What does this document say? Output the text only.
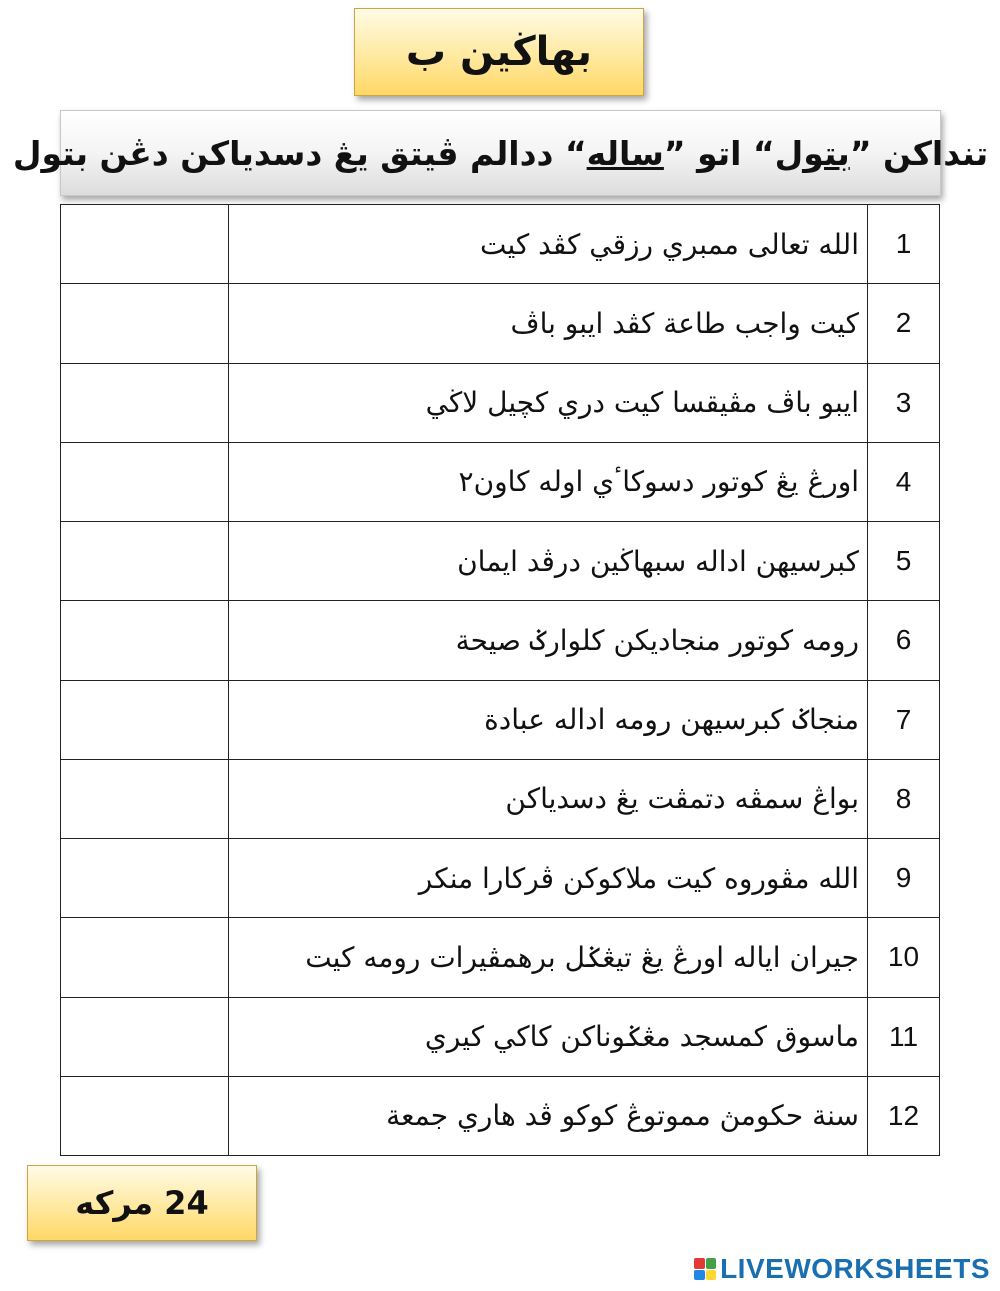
بهاڬين ب
تنداكن ”
بتول
“ اتو ”
ساله
“ ددالم ڤيتق يڠ دسدياكن دڠن بتول
	الله تعالى ممبري رزقي كڤد كيت	1
	كيت واجب طاعة كڤد ايبو باڤ	2
	ايبو باڤ مڤيقسا كيت دري كچيل لاڬي	3
	اورڠ يڠ كوتور دسوكاٴي اوله كاون٢	4
	كبرسيهن اداله سبهاڬين درڤد ايمان	5
	رومه كوتور منجاديكن كلوارݢ صيحة	6
	منجاݢ كبرسيهن رومه اداله عبادة	7
	بواڠ سمڤه دتمڤت يڠ دسدياكن	8
	الله مڤوروه كيت ملاكوكن ڤركارا منكر	9
	جيران اياله اورڠ يڠ تيڠݢل برهمڤيرات رومه كيت	10
	ماسوق كمسجد مڠݢوناكن كاكي كيري	11
	سنة حكومڽ مموتوڠ كوكو ڤد هاري جمعة	12
24 مركه
LIVEWORKSHEETS
